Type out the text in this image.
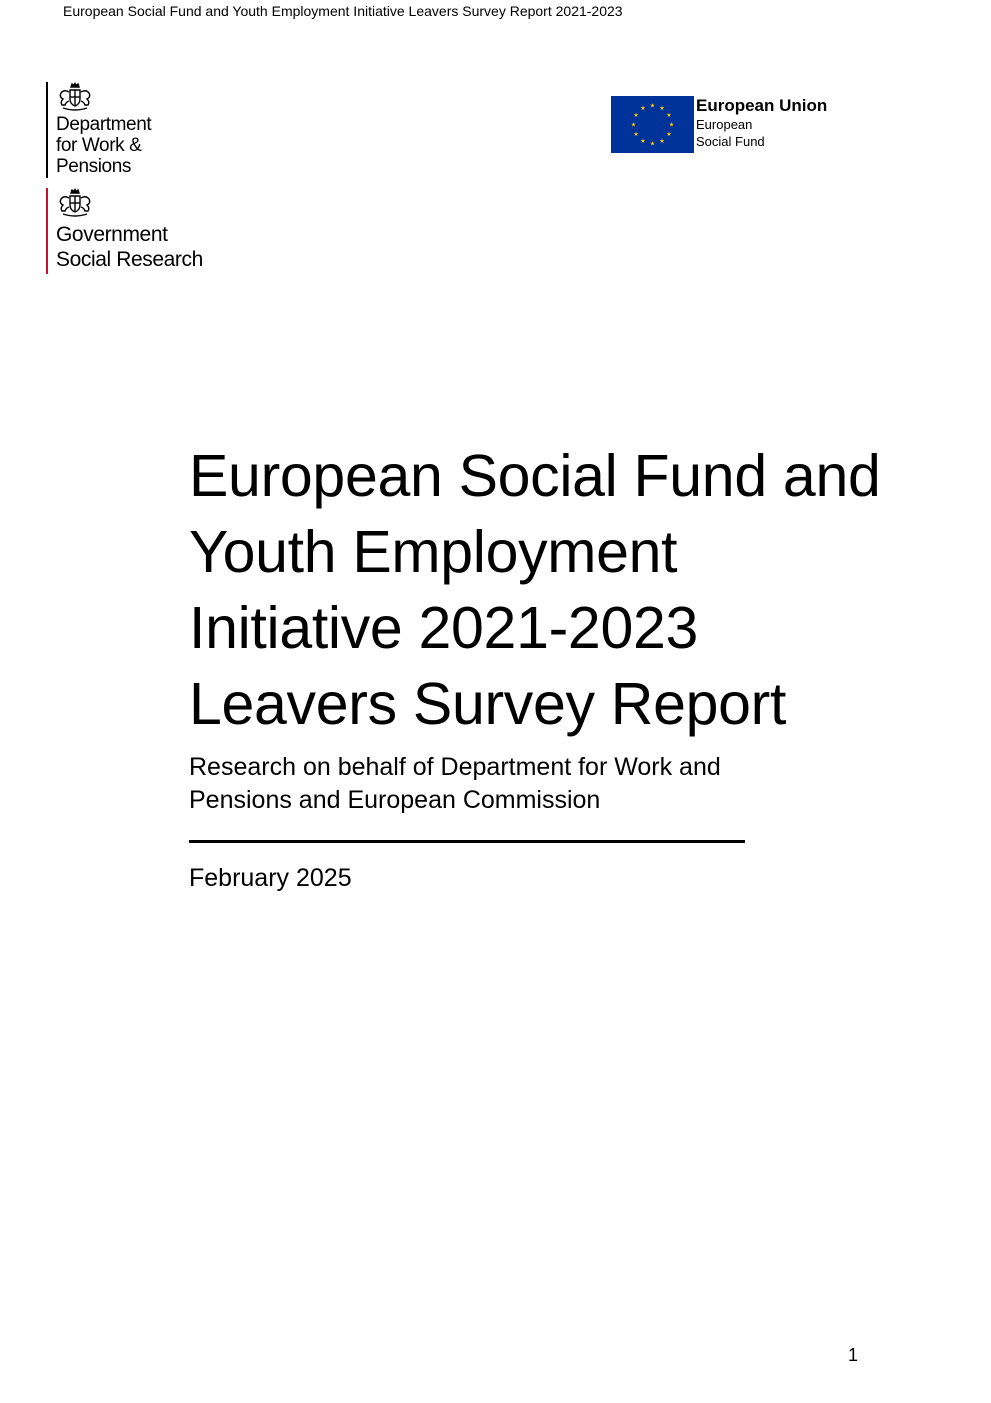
European Social Fund and Youth Employment Initiative Leavers Survey Report 2021-2023
Department
for Work &
Pensions
Government
Social Research
European Union
European
Social Fund
European Social Fund and Youth Employment Initiative 2021-2023 Leavers Survey Report

Research on behalf of Department for Work and Pensions and European Commission

February 2025
1
